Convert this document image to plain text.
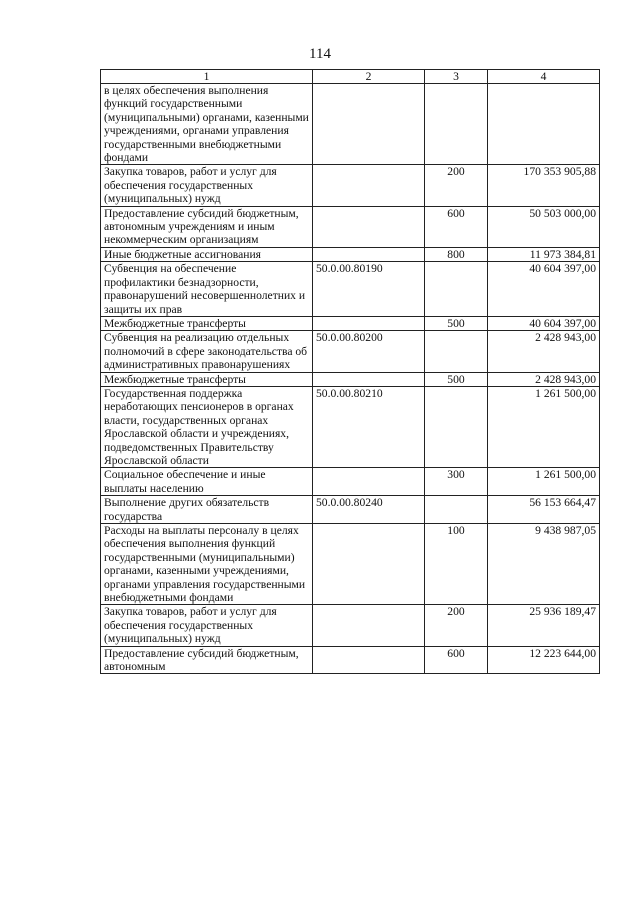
114
1	2	3	4
в целях обеспечения выполнения функций государственными (муниципальными) органами, казенными учреждениями, органами управления государственными внебюджетными фондами			
Закупка товаров, работ и услуг для обеспечения государственных (муниципальных) нужд		200	170 353 905,88
Предоставление субсидий бюджетным, автономным учреждениям и иным некоммерческим организациям		600	50 503 000,00
Иные бюджетные ассигнования		800	11 973 384,81
Субвенция на обеспечение профилактики безнадзорности, правонарушений несовершеннолетних и защиты их прав	50.0.00.80190		40 604 397,00
Межбюджетные трансферты		500	40 604 397,00
Субвенция на реализацию отдельных полномочий в сфере законодательства об административных правонарушениях	50.0.00.80200		2 428 943,00
Межбюджетные трансферты		500	2 428 943,00
Государственная поддержка неработающих пенсионеров в органах власти, государственных органах Ярославской области и учреждениях, подведомственных Правительству Ярославской области	50.0.00.80210		1 261 500,00
Социальное обеспечение и иные выплаты населению		300	1 261 500,00
Выполнение других обязательств государства	50.0.00.80240		56 153 664,47
Расходы на выплаты персоналу в целях обеспечения выполнения функций государственными (муниципальными) органами, казенными учреждениями, органами управления государственными внебюджетными фондами		100	9 438 987,05
Закупка товаров, работ и услуг для обеспечения государственных (муниципальных) нужд		200	25 936 189,47
Предоставление субсидий бюджетным, автономным		600	12 223 644,00
